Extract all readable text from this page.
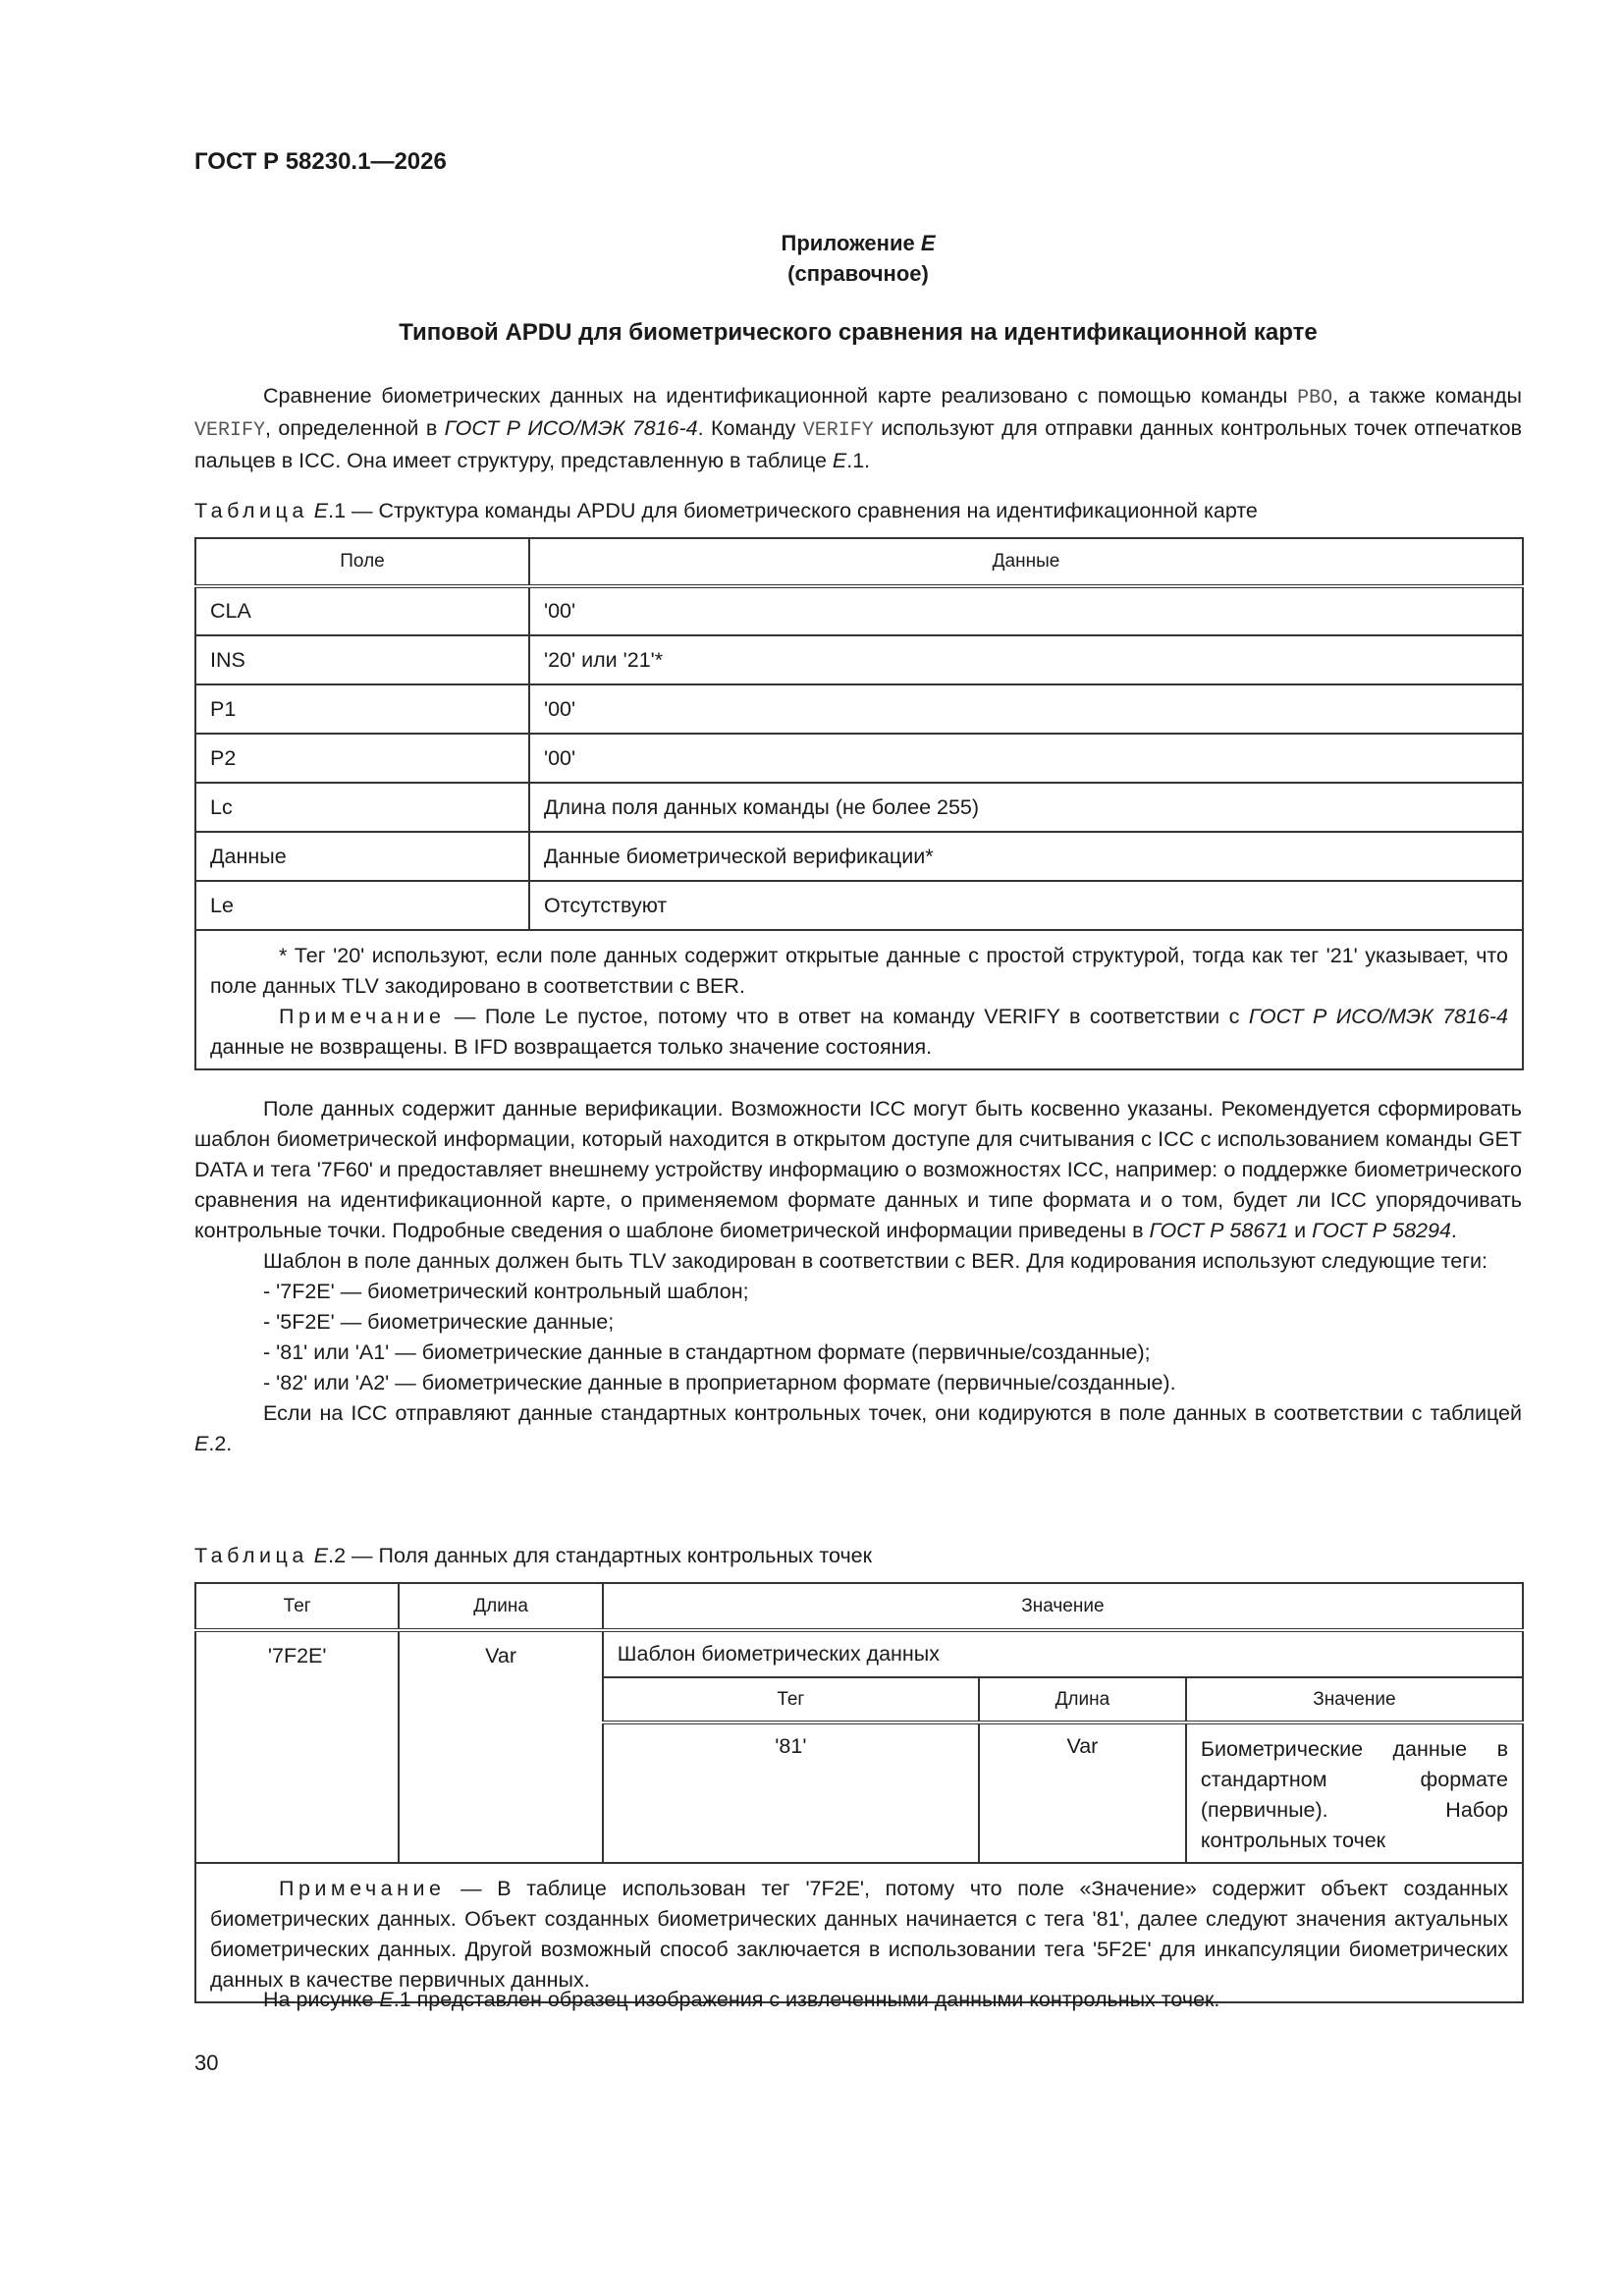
ГОСТ Р 58230.1—2026
Приложение Е
(справочное)
Типовой APDU для биометрического сравнения на идентификационной карте
Сравнение биометрических данных на идентификационной карте реализовано с помощью команды PBO, а также команды VERIFY, определенной в ГОСТ Р ИСО/МЭК 7816-4. Команду VERIFY используют для отправки данных контрольных точек отпечатков пальцев в ICC. Она имеет структуру, представленную в таблице Е.1.
Таблица Е.1 — Структура команды APDU для биометрического сравнения на идентификационной карте
Поле	Данные
CLA	'00'
INS	'20' или '21'*
P1	'00'
P2	'00'
Lc	Длина поля данных команды (не более 255)
Данные	Данные биометрической верификации*
Le	Отсутствуют

* Тег '20' используют, если поле данных содержит открытые данные с простой структурой, тогда как тег '21' указывает, что поле данных TLV закодировано в соответствии с BER.
Примечание — Поле Le пустое, потому что в ответ на команду VERIFY в соответствии с ГОСТ Р ИСО/МЭК 7816-4 данные не возвращены. В IFD возвращается только значение состояния.	
Поле данных содержит данные верификации. Возможности ICC могут быть косвенно указаны. Рекомендуется сформировать шаблон биометрической информации, который находится в открытом доступе для считывания с ICC с использованием команды GET DATA и тега '7F60' и предоставляет внешнему устройству информацию о возможностях ICC, например: о поддержке биометрического сравнения на идентификационной карте, о применяемом формате данных и типе формата и о том, будет ли ICC упорядочивать контрольные точки. Подробные сведения о шаблоне биометрической информации приведены в ГОСТ Р 58671 и ГОСТ Р 58294.
Шаблон в поле данных должен быть TLV закодирован в соответствии с BER. Для кодирования используют следующие теги:
- '7F2E' — биометрический контрольный шаблон;
- '5F2E' — биометрические данные;
- '81' или 'A1' — биометрические данные в стандартном формате (первичные/созданные);
- '82' или 'A2' — биометрические данные в проприетарном формате (первичные/созданные).
Если на ICC отправляют данные стандартных контрольных точек, они кодируются в поле данных в соответствии с таблицей Е.2.
Таблица Е.2 — Поля данных для стандартных контрольных точек
Тег	Длина	Значение		
'7F2E'	Var	Шаблон биометрических данных		
		Тег	Длина	Значение
		'81'	Var	Биометрические данные в стандартном формате (первичные). Набор контрольных точек

Примечание — В таблице использован тег '7F2E', потому что поле «Значение» содержит объект созданных биометрических данных. Объект созданных биометрических данных начинается с тега '81', далее следуют значения актуальных биометрических данных. Другой возможный способ заключается в использовании тега '5F2E' для инкапсуляции биометрических данных в качестве первичных данных.				
На рисунке Е.1 представлен образец изображения с извлеченными данными контрольных точек.
30
